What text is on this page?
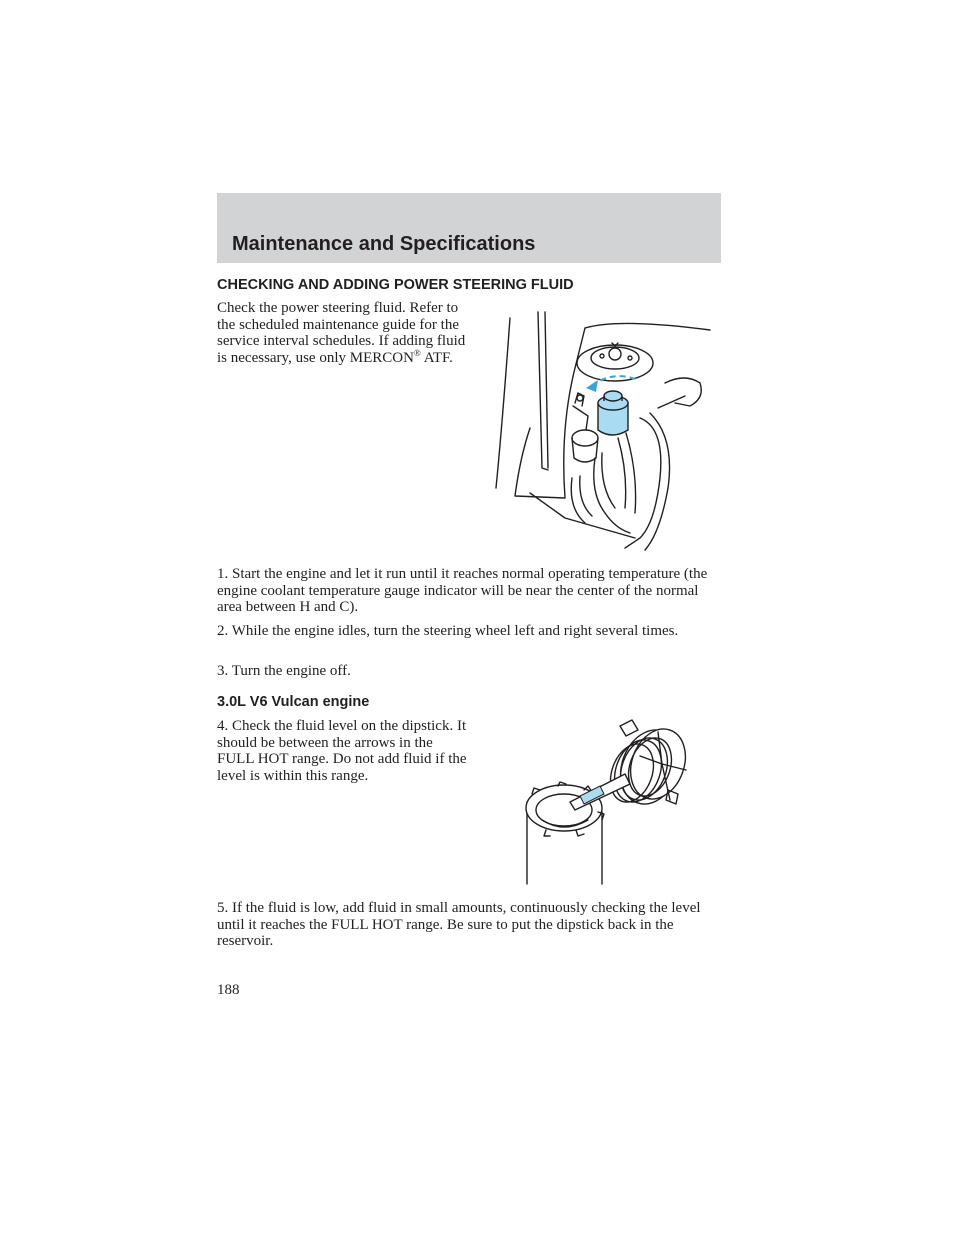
Maintenance and Specifications
CHECKING AND ADDING POWER STEERING FLUID
Check the power steering fluid. Refer to the scheduled maintenance guide for the service interval schedules. If adding fluid is necessary, use only MERCON® ATF.
1. Start the engine and let it run until it reaches normal operating temperature (the engine coolant temperature gauge indicator will be near the center of the normal area between H and C).
2. While the engine idles, turn the steering wheel left and right several times.
3. Turn the engine off.
3.0L V6 Vulcan engine
4. Check the fluid level on the dipstick. It should be between the arrows in the FULL HOT range. Do not add fluid if the level is within this range.
5. If the fluid is low, add fluid in small amounts, continuously checking the level until it reaches the FULL HOT range. Be sure to put the dipstick back in the reservoir.
188
